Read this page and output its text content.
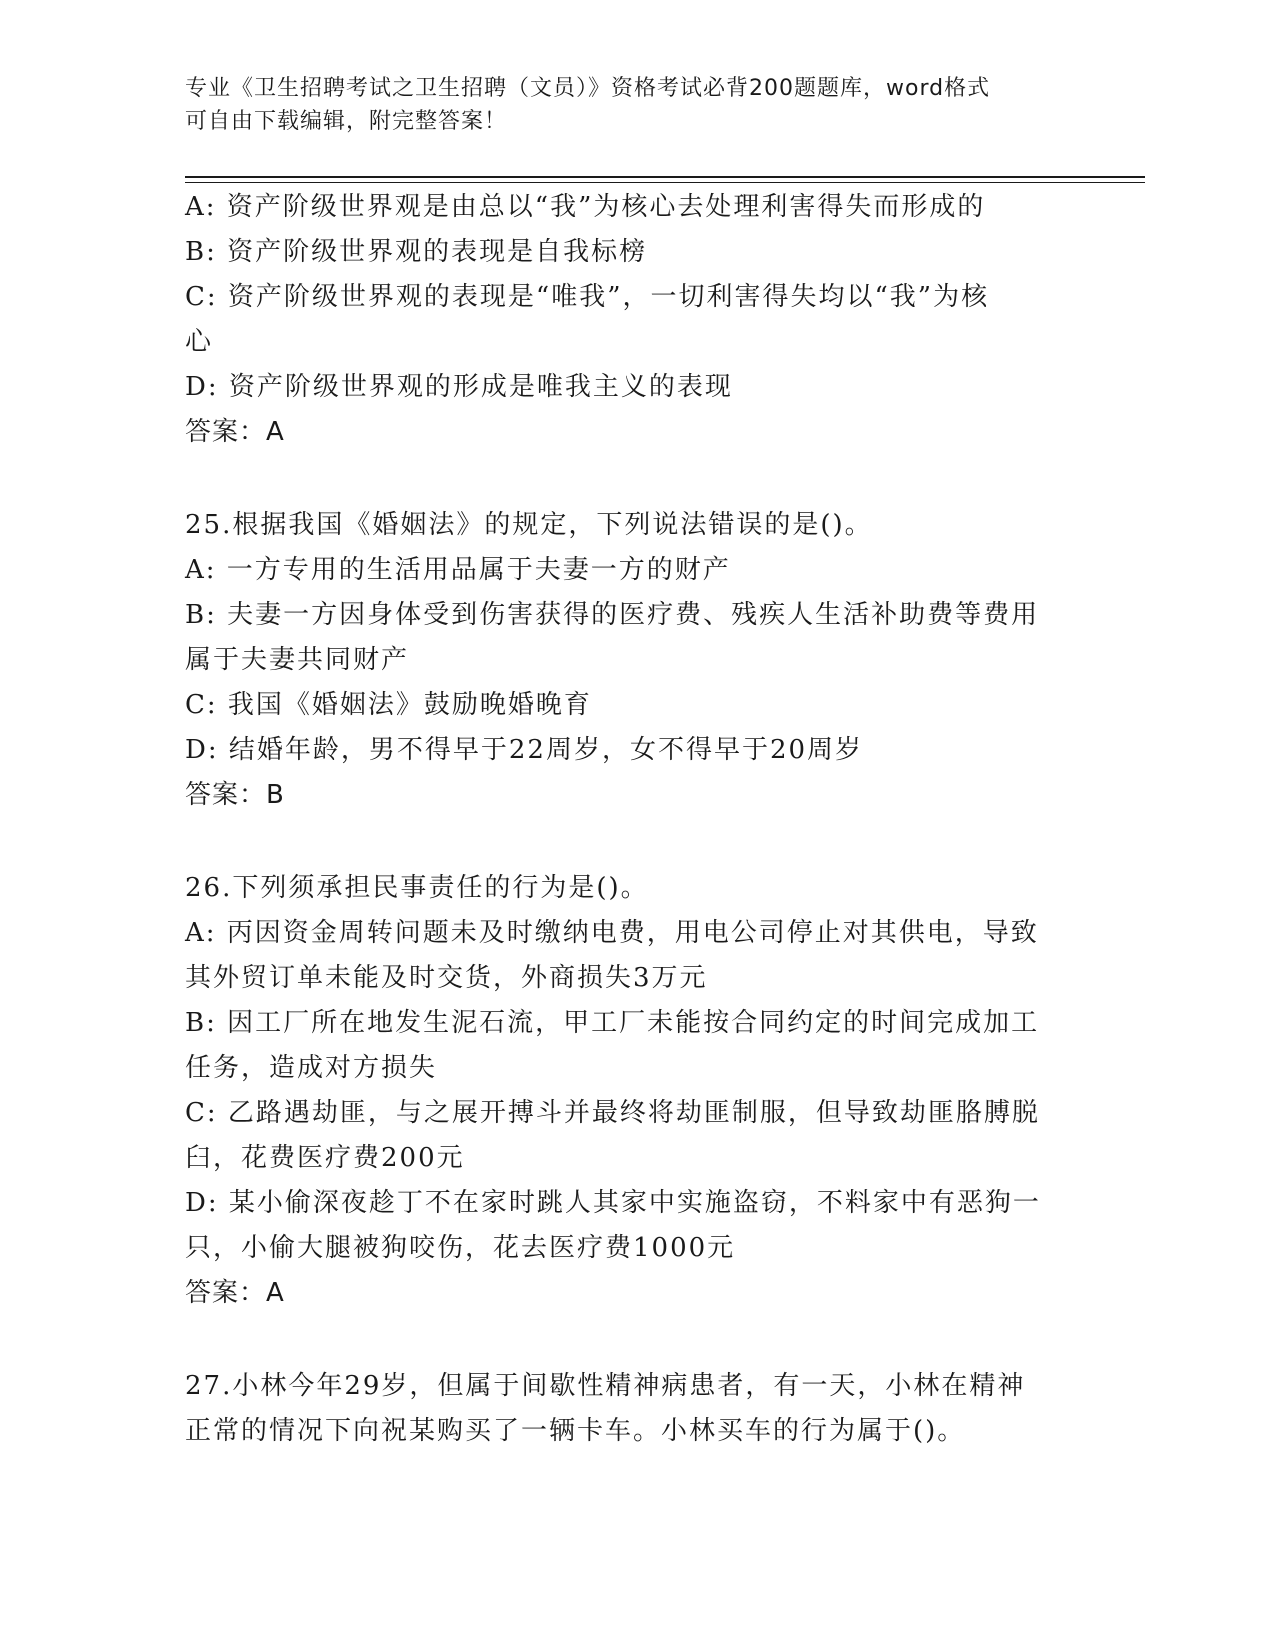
专业《卫生招聘考试之卫生招聘（文员）》资格考试必背200题题库，word格式
可自由下载编辑，附完整答案！
A: 资产阶级世界观是由总以“我”为核心去处理利害得失而形成的
B: 资产阶级世界观的表现是自我标榜
C: 资产阶级世界观的表现是“唯我”，一切利害得失均以“我”为核
心
D: 资产阶级世界观的形成是唯我主义的表现
答案：A
25.根据我国《婚姻法》的规定，下列说法错误的是()。
A: 一方专用的生活用品属于夫妻一方的财产
B: 夫妻一方因身体受到伤害获得的医疗费、残疾人生活补助费等费用
属于夫妻共同财产
C: 我国《婚姻法》鼓励晚婚晚育
D: 结婚年龄，男不得早于22周岁，女不得早于20周岁
答案：B
26.下列须承担民事责任的行为是()。
A: 丙因资金周转问题未及时缴纳电费，用电公司停止对其供电，导致
其外贸订单未能及时交货，外商损失3万元
B: 因工厂所在地发生泥石流，甲工厂未能按合同约定的时间完成加工
任务，造成对方损失
C: 乙路遇劫匪，与之展开搏斗并最终将劫匪制服，但导致劫匪胳膊脱
臼，花费医疗费200元
D: 某小偷深夜趁丁不在家时跳人其家中实施盗窃，不料家中有恶狗一
只，小偷大腿被狗咬伤，花去医疗费1000元
答案：A
27.小林今年29岁，但属于间歇性精神病患者，有一天，小林在精神
正常的情况下向祝某购买了一辆卡车。小林买车的行为属于()。
